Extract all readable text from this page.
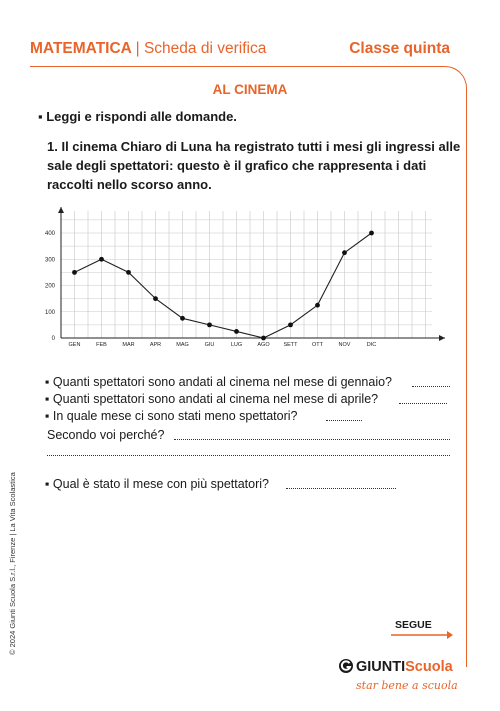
MATEMATICA | Scheda di verifica	Classe quinta
AL CINEMA
▪ Leggi e rispondi alle domande.
1. Il cinema Chiaro di Luna ha registrato tutti i mesi gli ingressi alle sale degli spettatori: questo è il grafico che rappresenta i dati raccolti nello scorso anno.
0
100
200
300
400
GEN	FEB	MAR	APR	MAG	GIU	LUG	AGO	SETT	OTT	NOV	DIC
▪ Quanti spettatori sono andati al cinema nel mese di gennaio?
▪ Quanti spettatori sono andati al cinema nel mese di aprile?
▪ In quale mese ci sono stati meno spettatori?
Secondo voi perché?
▪ Qual è stato il mese con più spettatori?
© 2024 Giunti Scuola S.r.l., Firenze | La Vita Scolastica	SEGUE
GIUNTIScuola
star bene a scuola
